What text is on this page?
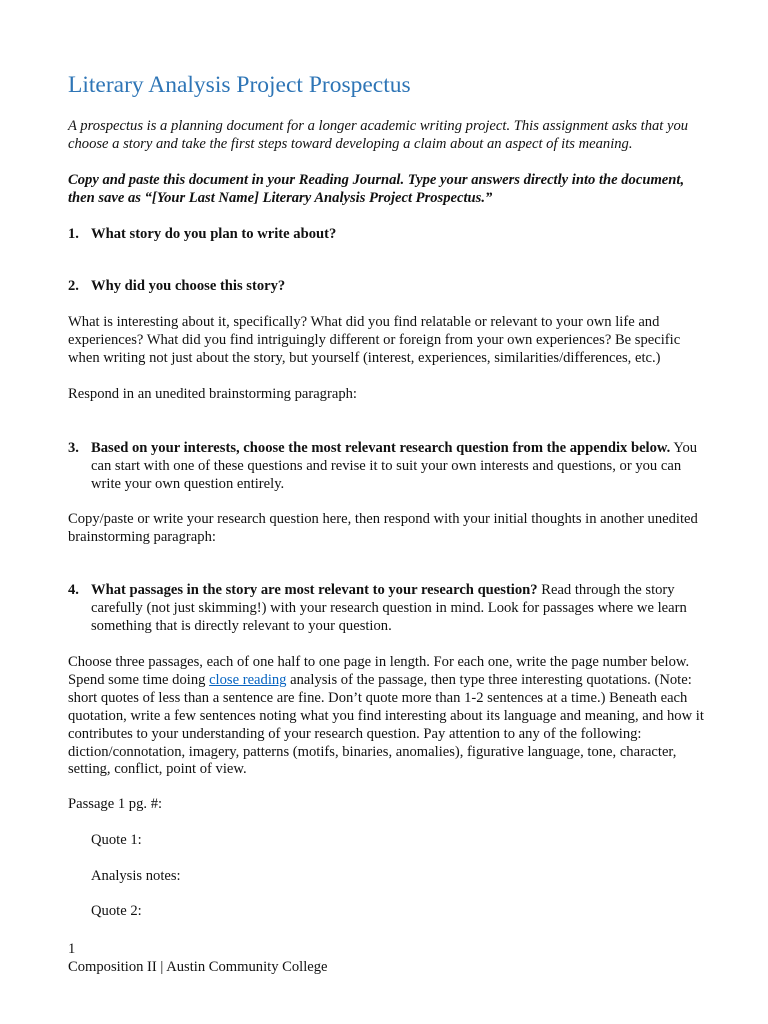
Literary Analysis Project Prospectus

A prospectus is a planning document for a longer academic writing project. This assignment asks that you choose a story and take the first steps toward developing a claim about an aspect of its meaning.

Copy and paste this document in your Reading Journal. Type your answers directly into the document, then save as “[Your Last Name] Literary Analysis Project Prospectus.”

1. What story do you plan to write about?
2. Why did you choose this story?

What is interesting about it, specifically? What did you find relatable or relevant to your own life and experiences? What did you find intriguingly different or foreign from your own experiences? Be specific when writing not just about the story, but yourself (interest, experiences, similarities/differences, etc.)

Respond in an unedited brainstorming paragraph:

3. Based on your interests, choose the most relevant research question from the appendix below. You can start with one of these questions and revise it to suit your own interests and questions, or you can write your own question entirely.

Copy/paste or write your research question here, then respond with your initial thoughts in another unedited brainstorming paragraph:

4. What passages in the story are most relevant to your research question? Read through the story carefully (not just skimming!) with your research question in mind. Look for passages where we learn something that is directly relevant to your question.

Choose three passages, each of one half to one page in length. For each one, write the page number below. Spend some time doing close reading analysis of the passage, then type three interesting quotations. (Note: short quotes of less than a sentence are fine. Don’t quote more than 1-2 sentences at a time.) Beneath each quotation, write a few sentences noting what you find interesting about its language and meaning, and how it contributes to your understanding of your research question. Pay attention to any of the following: diction/connotation, imagery, patterns (motifs, binaries, anomalies), figurative language, tone, character, setting, conflict, point of view.

Passage 1 pg. #:

Quote 1:

Analysis notes:

Quote 2:

1
Composition II | Austin Community College
